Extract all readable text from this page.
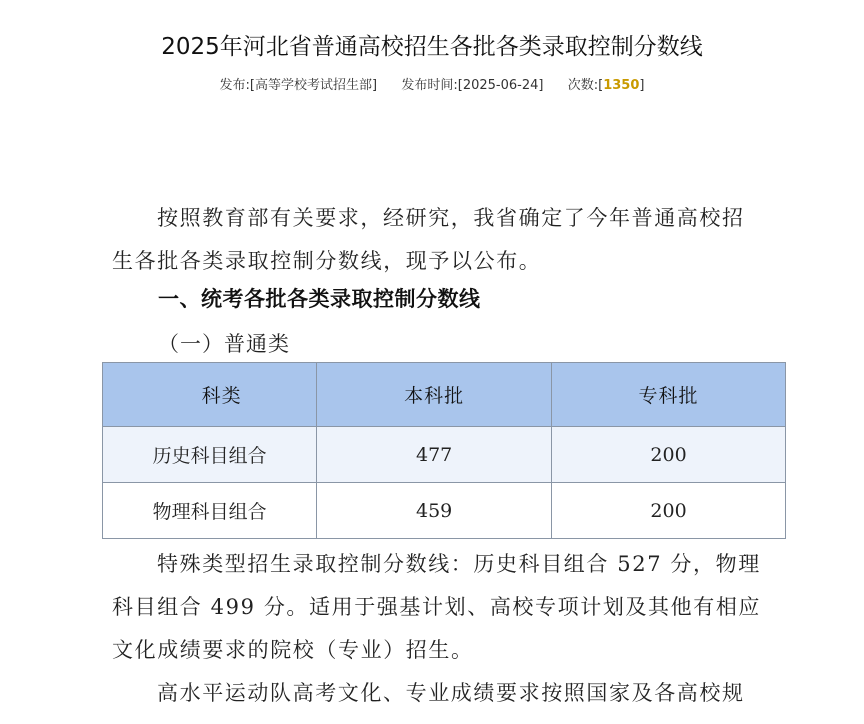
2025年河北省普通高校招生各批各类录取控制分数线
发布:[高等学校考试招生部] 发布时间:[2025-06-24] 次数:[1350]

按照教育部有关要求，经研究，我省确定了今年普通高校招
生各批各类录取控制分数线，现予以公布。

一、统考各批各类录取控制分数线
（一）普通类
科类	本科批	专科批
历史科目组合	477	200
物理科目组合	459	200

特殊类型招生录取控制分数线：历史科目组合 527 分，物理
科目组合 499 分。适用于强基计划、高校专项计划及其他有相应
文化成绩要求的院校（专业）招生。

高水平运动队高考文化、专业成绩要求按照国家及各高校规
